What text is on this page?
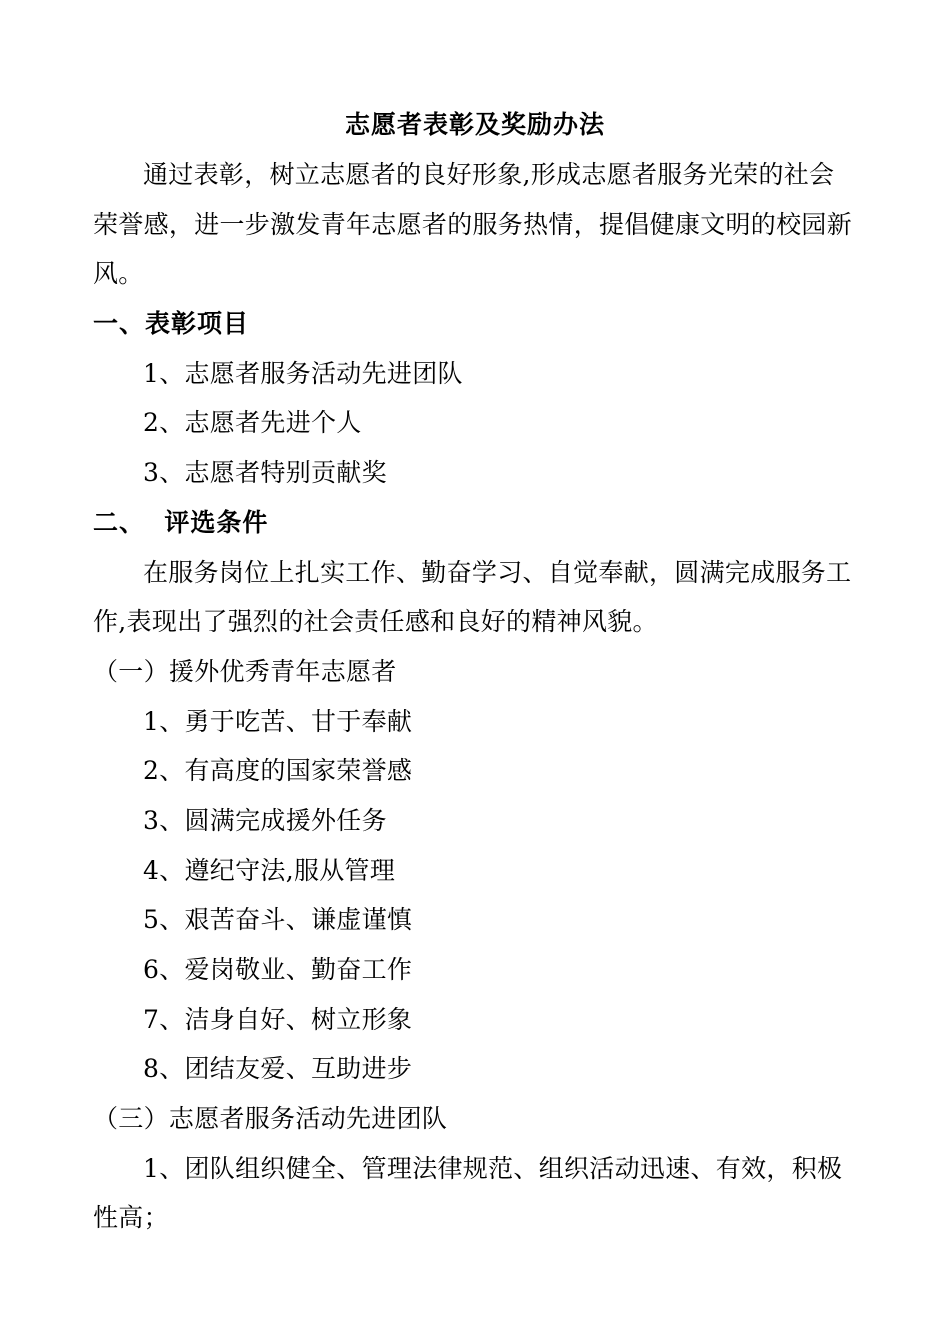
志愿者表彰及奖励办法
通过表彰，树立志愿者的良好形象,形成志愿者服务光荣的社会
荣誉感，进一步激发青年志愿者的服务热情，提倡健康文明的校园新
风。
一、表彰项目
1、志愿者服务活动先进团队
2、志愿者先进个人
3、志愿者特别贡献奖
二、  评选条件
在服务岗位上扎实工作、勤奋学习、自觉奉献，圆满完成服务工
作,表现出了强烈的社会责任感和良好的精神风貌。
（一）援外优秀青年志愿者
1、勇于吃苦、甘于奉献
2、有高度的国家荣誉感
3、圆满完成援外任务
4、遵纪守法,服从管理
5、艰苦奋斗、谦虚谨慎
6、爱岗敬业、勤奋工作
7、洁身自好、树立形象
8、团结友爱、互助进步
（三）志愿者服务活动先进团队
1、团队组织健全、管理法律规范、组织活动迅速、有效，积极
性高；
